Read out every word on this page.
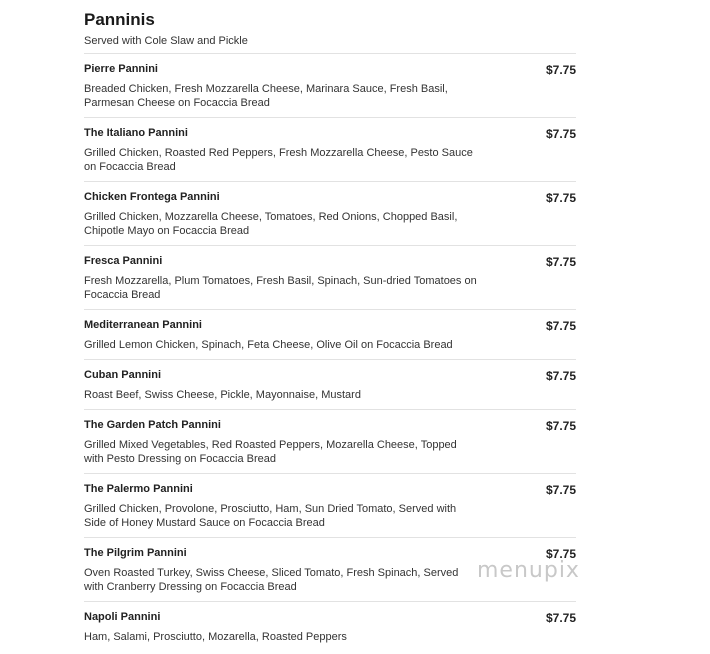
Panninis
Served with Cole Slaw and Pickle
Pierre Pannini	$7.75
Breaded Chicken, Fresh Mozzarella Cheese, Marinara Sauce, Fresh Basil, Parmesan Cheese on Focaccia Bread
The Italiano Pannini	$7.75
Grilled Chicken, Roasted Red Peppers, Fresh Mozzarella Cheese, Pesto Sauce on Focaccia Bread
Chicken Frontega Pannini	$7.75
Grilled Chicken, Mozzarella Cheese, Tomatoes, Red Onions, Chopped Basil, Chipotle Mayo on Focaccia Bread
Fresca Pannini	$7.75
Fresh Mozzarella, Plum Tomatoes, Fresh Basil, Spinach, Sun-dried Tomatoes on Focaccia Bread
Mediterranean Pannini	$7.75
Grilled Lemon Chicken, Spinach, Feta Cheese, Olive Oil on Focaccia Bread
Cuban Pannini	$7.75
Roast Beef, Swiss Cheese, Pickle, Mayonnaise, Mustard
The Garden Patch Pannini	$7.75
Grilled Mixed Vegetables, Red Roasted Peppers, Mozarella Cheese, Topped with Pesto Dressing on Focaccia Bread
The Palermo Pannini	$7.75
Grilled Chicken, Provolone, Prosciutto, Ham, Sun Dried Tomato, Served with Side of Honey Mustard Sauce on Focaccia Bread
The Pilgrim Pannini	$7.75
Oven Roasted Turkey, Swiss Cheese, Sliced Tomato, Fresh Spinach, Served with Cranberry Dressing on Focaccia Bread
Napoli Pannini	$7.75
Ham, Salami, Prosciutto, Mozarella, Roasted Peppers
menupix
